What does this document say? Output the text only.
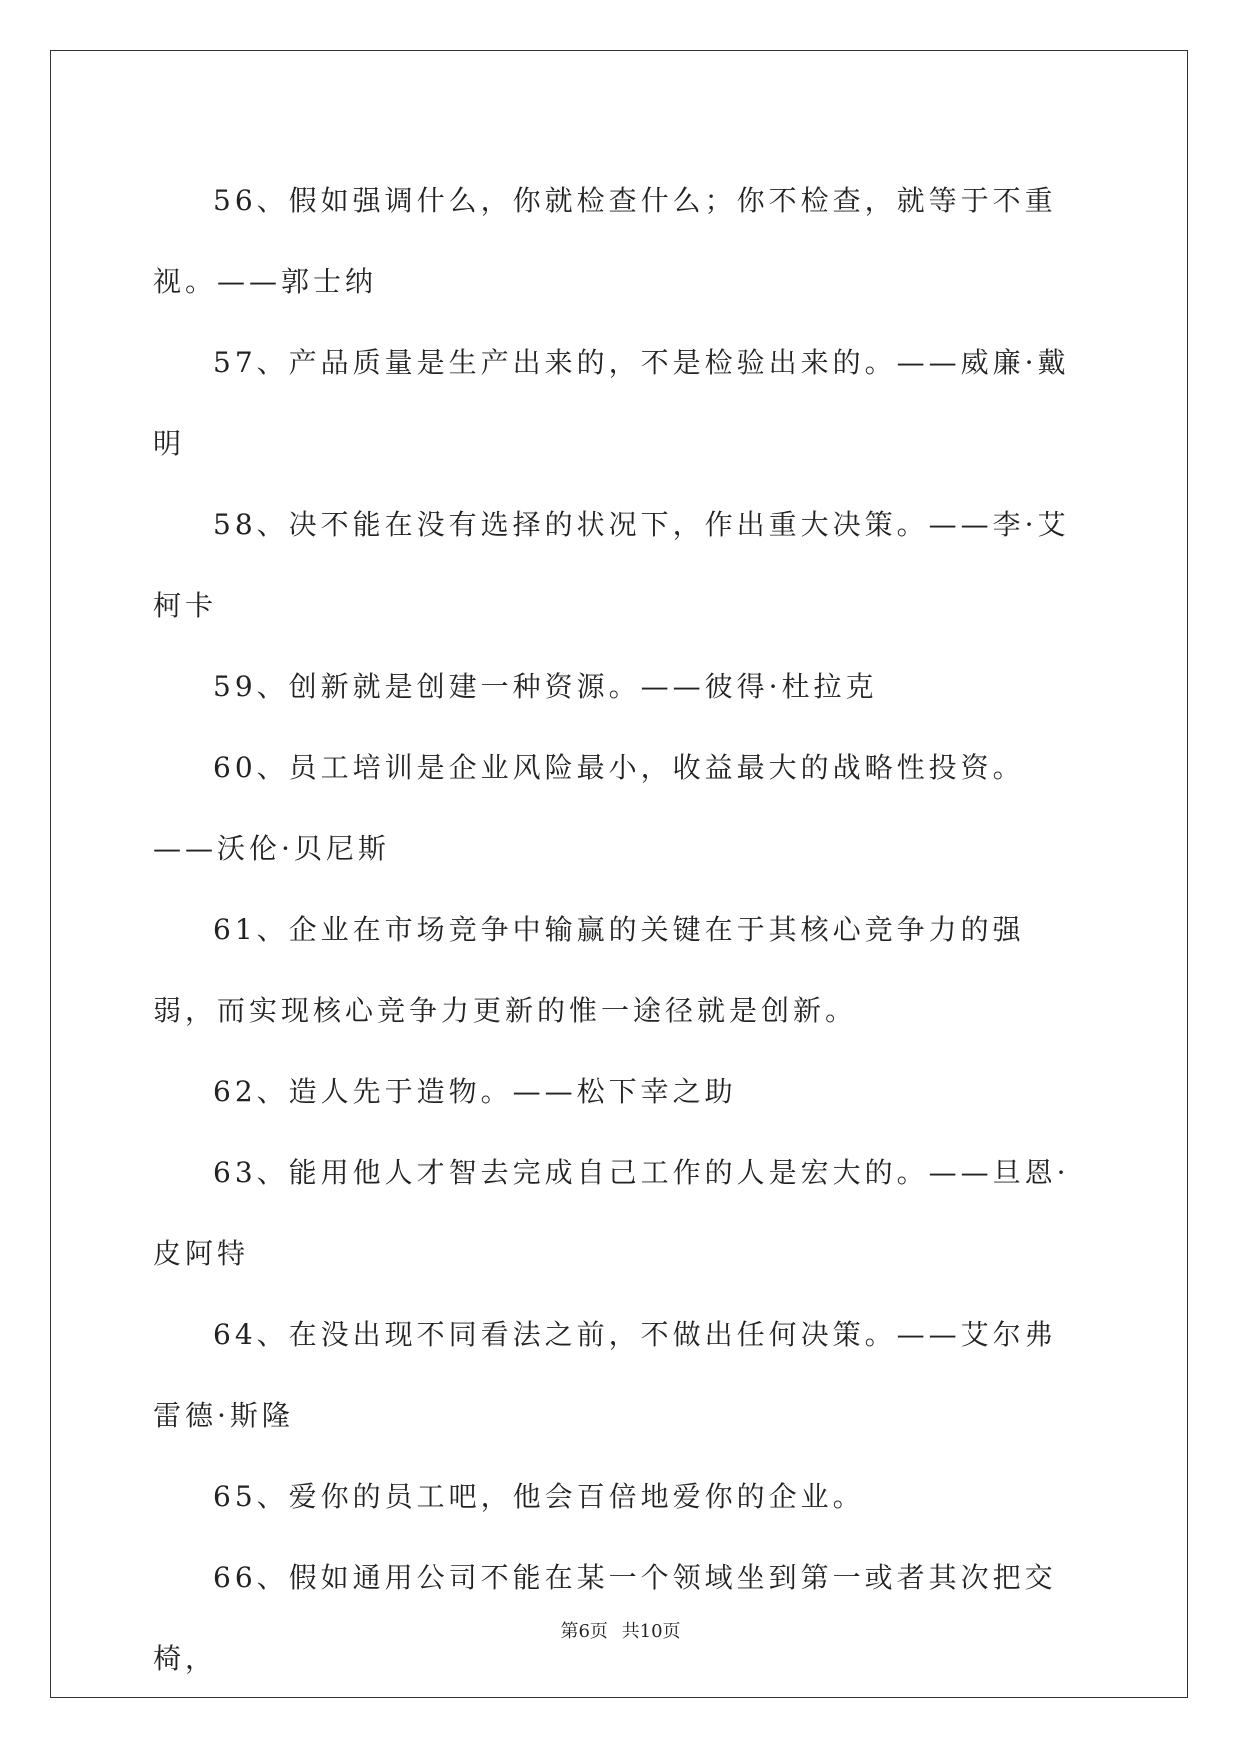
56、假如强调什么，你就检查什么；你不检查，就等于不重视。——郭士纳

57、产品质量是生产出来的，不是检验出来的。——威廉·戴明

58、决不能在没有选择的状况下，作出重大决策。——李·艾柯卡

59、创新就是创建一种资源。——彼得·杜拉克

60、员工培训是企业风险最小，收益最大的战略性投资。——沃伦·贝尼斯

61、企业在市场竞争中输赢的关键在于其核心竞争力的强弱，而实现核心竞争力更新的惟一途径就是创新。

62、造人先于造物。——松下幸之助

63、能用他人才智去完成自己工作的人是宏大的。——旦恩·皮阿特

64、在没出现不同看法之前，不做出任何决策。——艾尔弗雷德·斯隆

65、爱你的员工吧，他会百倍地爱你的企业。

66、假如通用公司不能在某一个领域坐到第一或者其次把交椅，

第6页 共10页
